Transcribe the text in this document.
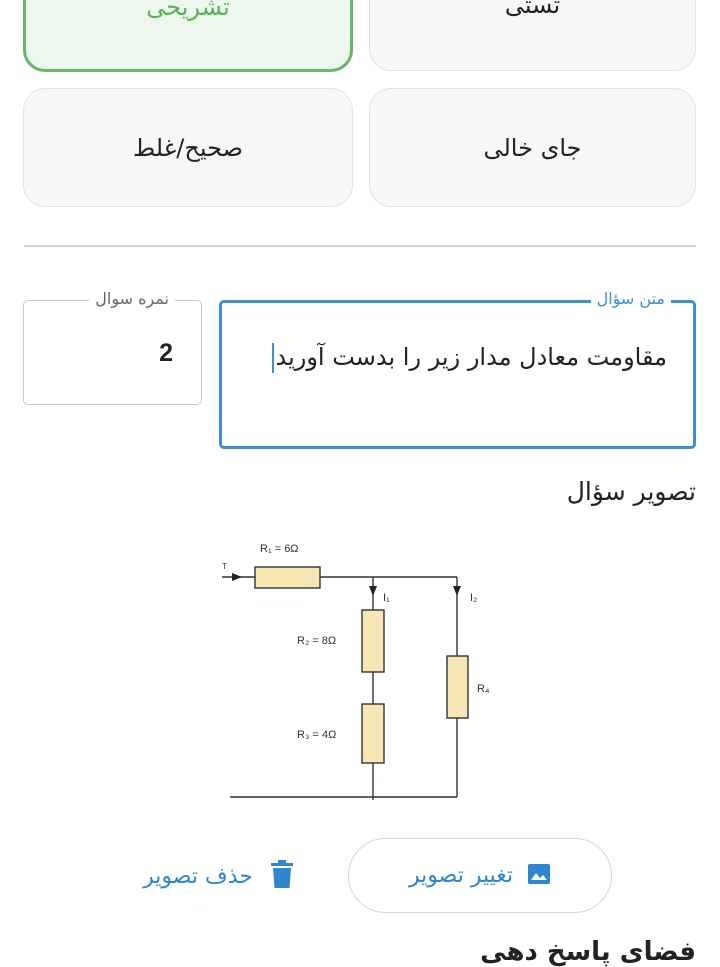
تشریحی	تستی
صحیح/غلط	جای خالی
نمره سوال
2
متن سؤال
مقاومت معادل مدار زیر را بدست آورید
تصویر سؤال
R₁ = 6Ω
R₂ = 8Ω
R₃ = 4Ω
R₄
I₁	I₂
T
تغییر تصویر
حذف تصویر
فضای پاسخ دهی
